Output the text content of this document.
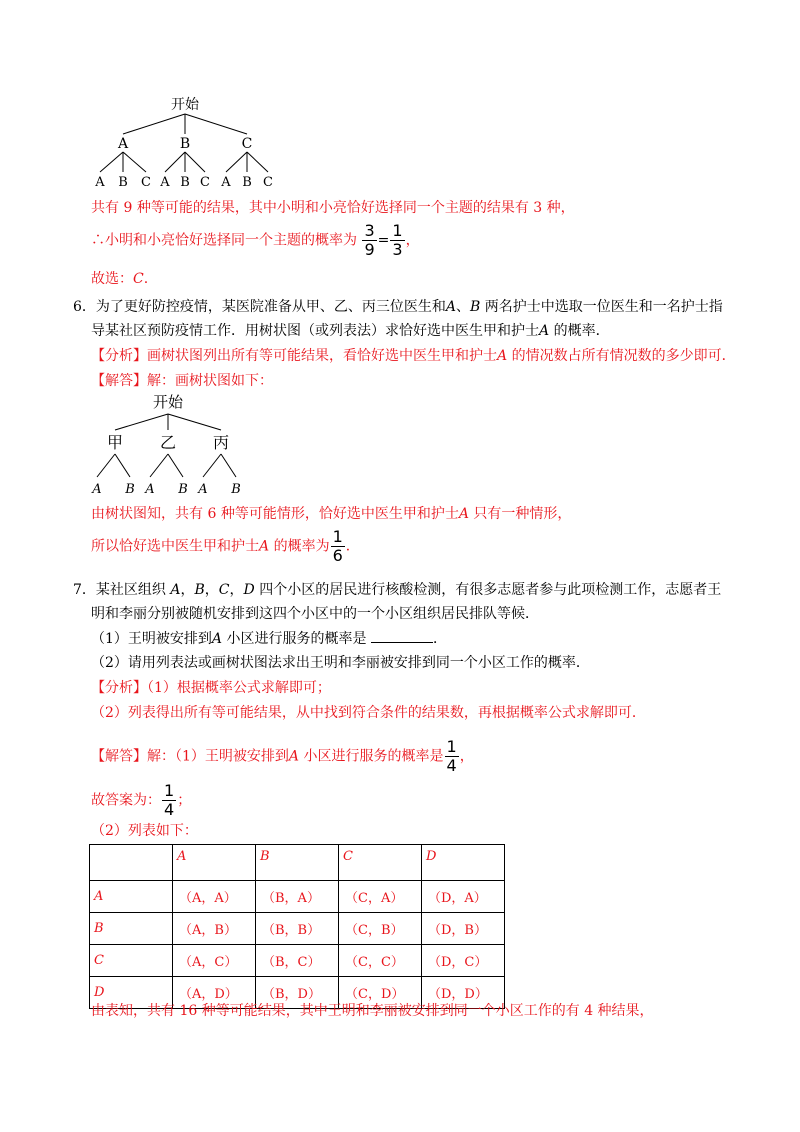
开始
A	B	C
A B C A B C A B C
共有 9 种等可能的结果，其中小明和小亮恰好选择同一个主题的结果有 3 种，
∴小明和小亮恰好选择同一个主题的概率为 $\frac{3}{9} = \frac{1}{3}$ ，
故选：C.
6．为了更好防控疫情，某医院准备从甲、乙、丙三位医生和A、B 两名护士中选取一位医生和一名护士指
导某社区预防疫情工作．用树状图（或列表法）求恰好选中医生甲和护士A 的概率．
【分析】画树状图列出所有等可能结果，看恰好选中医生甲和护士A 的情况数占所有情况数的多少即可．
【解答】解：画树状图如下：
开始
甲 乙 丙
A B A B A B
由树状图知，共有 6 种等可能情形，恰好选中医生甲和护士A 只有一种情形，
所以恰好选中医生甲和护士A 的概率为 $\frac{1}{6}$ ．
7．某社区组织 A，B，C，D 四个小区的居民进行核酸检测，有很多志愿者参与此项检测工作，志愿者王
明和李丽分别被随机安排到这四个小区中的一个小区组织居民排队等候．
（1）王明被安排到A 小区进行服务的概率是	．
（2）请用列表法或画树状图法求出王明和李丽被安排到同一个小区工作的概率．
【分析】（1）根据概率公式求解即可；
（2）列表得出所有等可能结果，从中找到符合条件的结果数，再根据概率公式求解即可．
【解答】解：（1）王明被安排到A 小区进行服务的概率是 $\frac{1}{4}$ ，
故答案为： $\frac{1}{4}$ ；
（2）列表如下：
	A	B	C	D
A	（A，A）	（B，A）	（C，A）	（D，A）
B	（A，B）	（B，B）	（C，B）	（D，B）
C	（A，C）	（B，C）	（C，C）	（D，C）
D	（A，D）	（B，D）	（C，D）	（D，D）
由表知，共有 16 种等可能结果，其中王明和李丽被安排到同一个小区工作的有 4 种结果，
